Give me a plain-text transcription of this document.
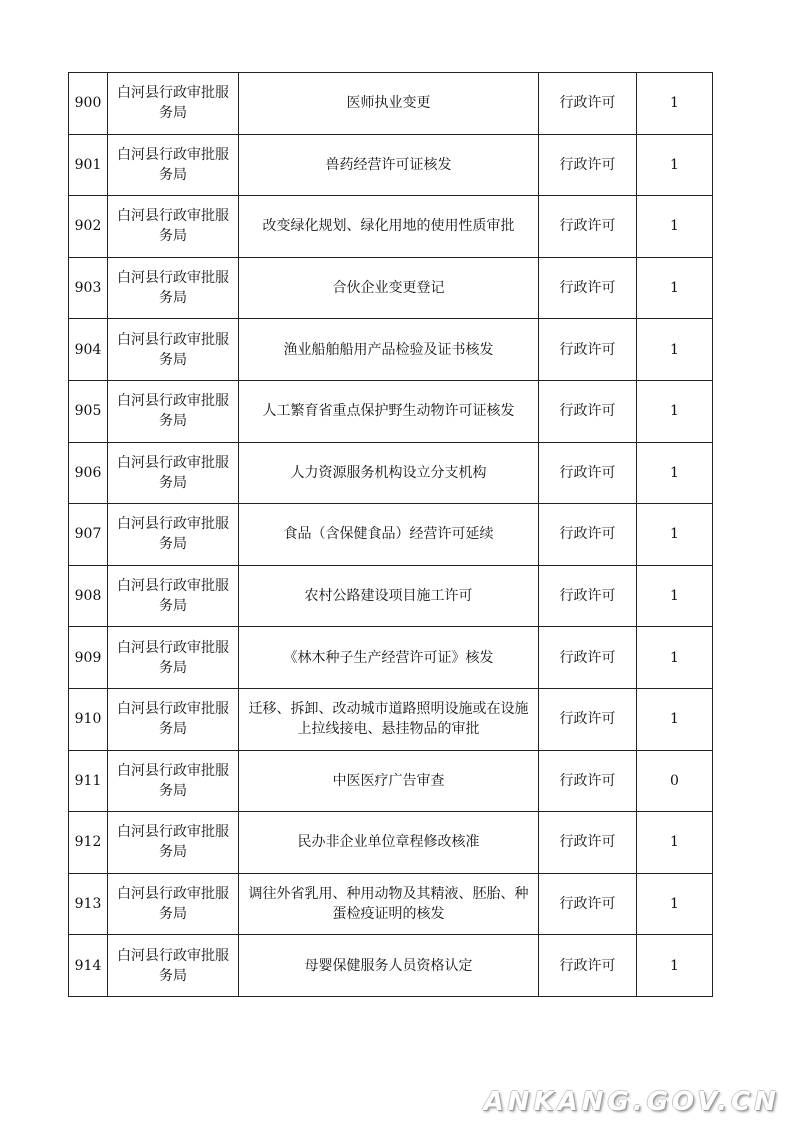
900	白河县行政审批服务局	医师执业变更	行政许可	1
901	白河县行政审批服务局	兽药经营许可证核发	行政许可	1
902	白河县行政审批服务局	改变绿化规划、绿化用地的使用性质审批	行政许可	1
903	白河县行政审批服务局	合伙企业变更登记	行政许可	1
904	白河县行政审批服务局	渔业船舶船用产品检验及证书核发	行政许可	1
905	白河县行政审批服务局	人工繁育省重点保护野生动物许可证核发	行政许可	1
906	白河县行政审批服务局	人力资源服务机构设立分支机构	行政许可	1
907	白河县行政审批服务局	食品（含保健食品）经营许可延续	行政许可	1
908	白河县行政审批服务局	农村公路建设项目施工许可	行政许可	1
909	白河县行政审批服务局	《林木种子生产经营许可证》核发	行政许可	1
910	白河县行政审批服务局	迁移、拆卸、改动城市道路照明设施或在设施上拉线接电、悬挂物品的审批	行政许可	1
911	白河县行政审批服务局	中医医疗广告审查	行政许可	0
912	白河县行政审批服务局	民办非企业单位章程修改核准	行政许可	1
913	白河县行政审批服务局	调往外省乳用、种用动物及其精液、胚胎、种蛋检疫证明的核发	行政许可	1
914	白河县行政审批服务局	母婴保健服务人员资格认定	行政许可	1
ANKANG.GOV.CN
